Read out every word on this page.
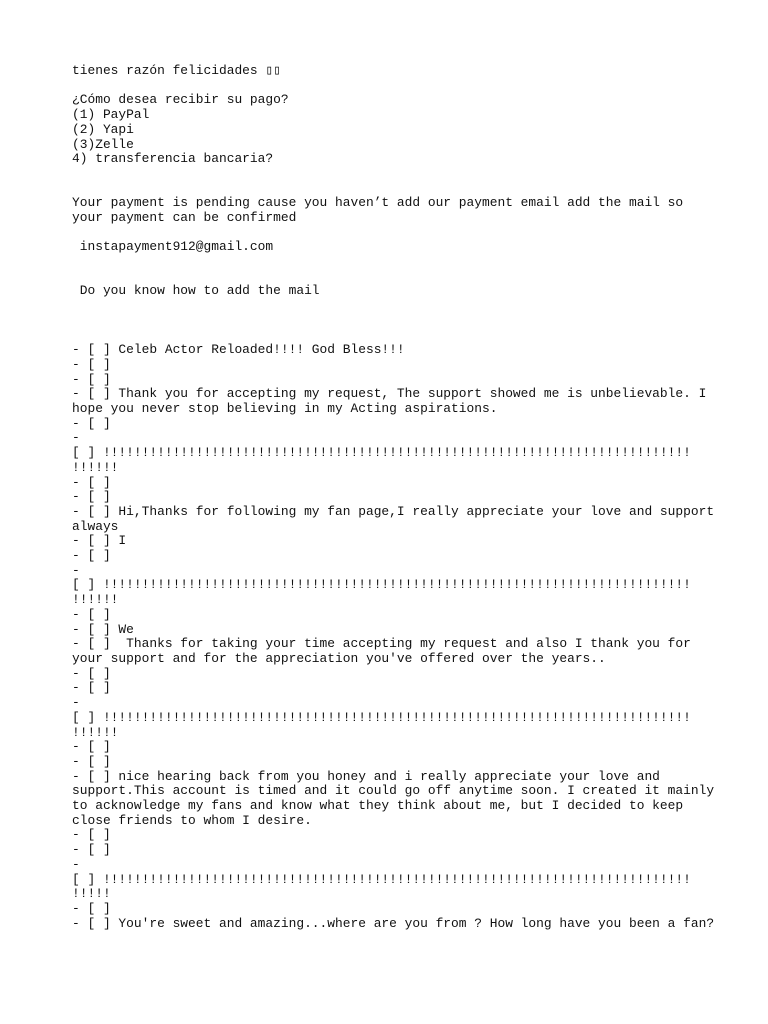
tienes razón felicidades ▯▯
¿Cómo desea recibir su pago?
(1) PayPal
(2) Yapi
(3)Zelle
4) transferencia bancaria?
Your payment is pending cause you haven’t add our payment email add the mail so
your payment can be confirmed
instapayment912@gmail.com
Do you know how to add the mail
- [ ] Celeb Actor Reloaded!!!! God Bless!!!
- [ ]
- [ ]
- [ ] Thank you for accepting my request, The support showed me is unbelievable. I
hope you never stop believing in my Acting aspirations.
- [ ]
-
[ ] !!!!!!!!!!!!!!!!!!!!!!!!!!!!!!!!!!!!!!!!!!!!!!!!!!!!!!!!!!!!!!!!!!!!!!!!!!!!
!!!!!!
- [ ]
- [ ]
- [ ] Hi,Thanks for following my fan page,I really appreciate your love and support
always
- [ ] I
- [ ]
-
[ ] !!!!!!!!!!!!!!!!!!!!!!!!!!!!!!!!!!!!!!!!!!!!!!!!!!!!!!!!!!!!!!!!!!!!!!!!!!!!
!!!!!!
- [ ]
- [ ] We
- [ ]  Thanks for taking your time accepting my request and also I thank you for
your support and for the appreciation you've offered over the years..
- [ ]
- [ ]
-
[ ] !!!!!!!!!!!!!!!!!!!!!!!!!!!!!!!!!!!!!!!!!!!!!!!!!!!!!!!!!!!!!!!!!!!!!!!!!!!!
!!!!!!
- [ ]
- [ ]
- [ ] nice hearing back from you honey and i really appreciate your love and
support.This account is timed and it could go off anytime soon. I created it mainly
to acknowledge my fans and know what they think about me, but I decided to keep
close friends to whom I desire.
- [ ]
- [ ]
-
[ ] !!!!!!!!!!!!!!!!!!!!!!!!!!!!!!!!!!!!!!!!!!!!!!!!!!!!!!!!!!!!!!!!!!!!!!!!!!!!
!!!!!
- [ ]
- [ ] You're sweet and amazing...where are you from ? How long have you been a fan?
